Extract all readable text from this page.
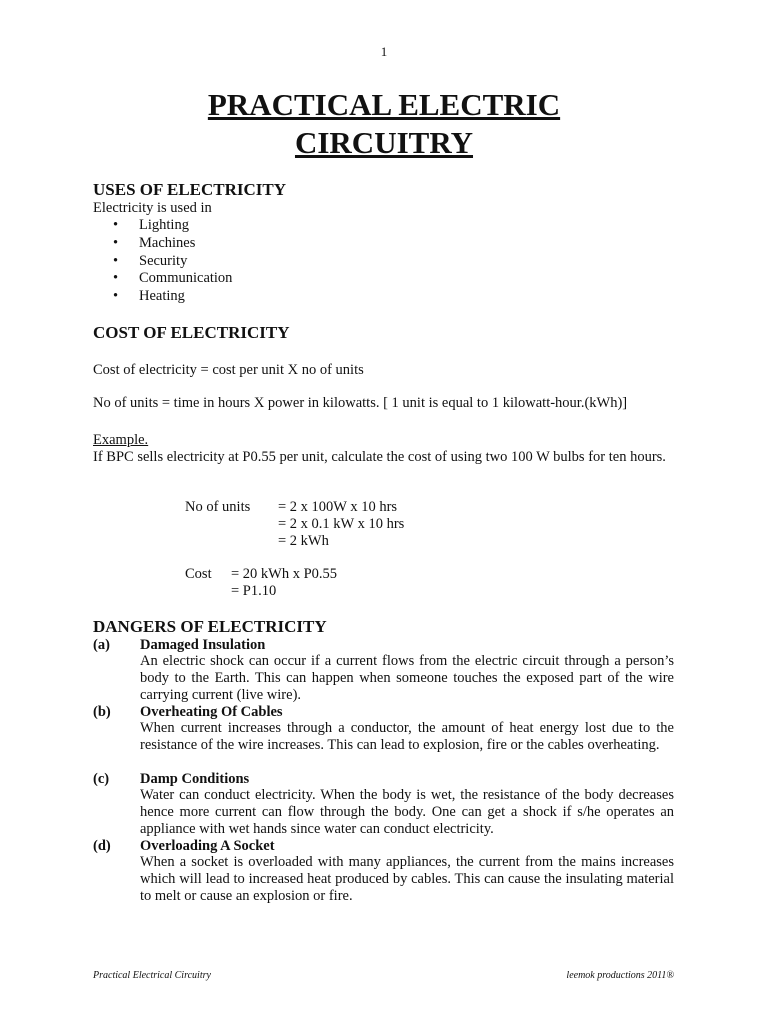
1
PRACTICAL ELECTRIC
CIRCUITRY
USES OF ELECTRICITY
Electricity is used in
• Lighting
• Machines
• Security
• Communication
• Heating
COST OF ELECTRICITY
Cost of electricity = cost per unit X no of units
No of units = time in hours X power in kilowatts. [ 1 unit is equal to 1 kilowatt-hour.(kWh)]
Example.
If BPC sells electricity at P0.55 per unit, calculate the cost of using two 100 W bulbs for ten hours.
No of units = 2 x 100W x 10 hrs
= 2 x 0.1 kW x 10 hrs
= 2 kWh
Cost = 20 kWh x P0.55
= P1.10
DANGERS OF ELECTRICITY
(a) Damaged Insulation
An electric shock can occur if a current flows from the electric circuit through a person’s body to the Earth. This can happen when someone touches the exposed part of the wire carrying current (live wire).
(b) Overheating Of Cables
When current increases through a conductor, the amount of heat energy lost due to the resistance of the wire increases. This can lead to explosion, fire or the cables overheating.
(c) Damp Conditions
Water can conduct electricity. When the body is wet, the resistance of the body decreases hence more current can flow through the body. One can get a shock if s/he operates an appliance with wet hands since water can conduct electricity.
(d) Overloading A Socket
When a socket is overloaded with many appliances, the current from the mains increases which will lead to increased heat produced by cables. This can cause the insulating material to melt or cause an explosion or fire.
Practical Electrical Circuitry	leemok productions 2011®
